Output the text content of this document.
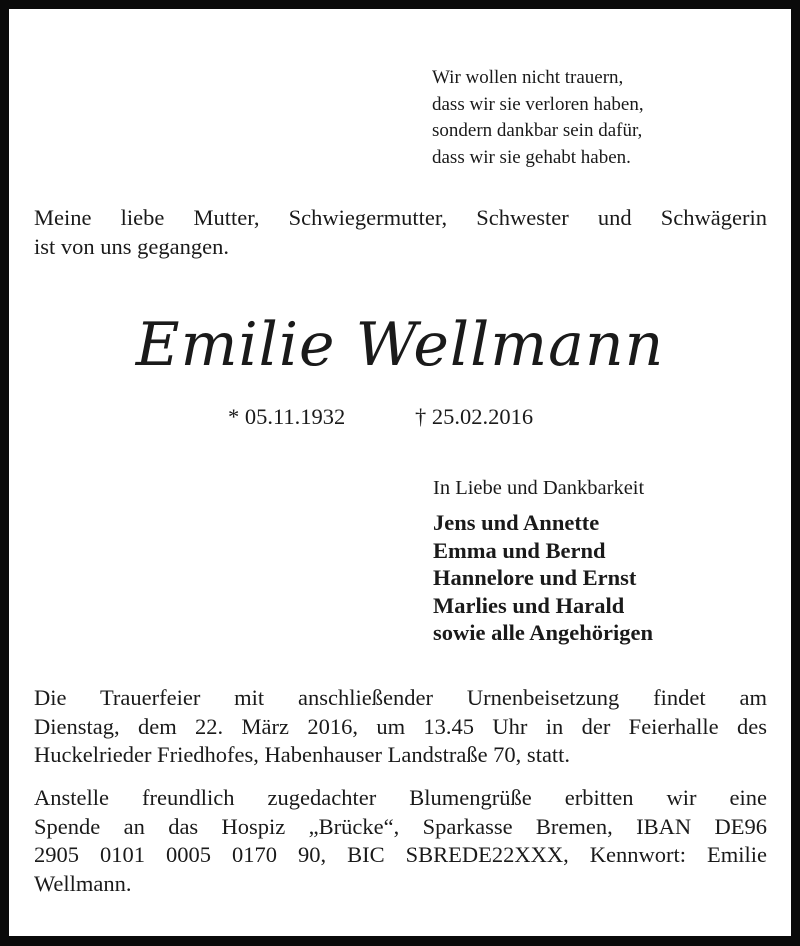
Wir wollen nicht trauern,
dass wir sie verloren haben,
sondern dankbar sein dafür,
dass wir sie gehabt haben.
Meine liebe Mutter, Schwiegermutter, Schwester und Schwägerin
ist von uns gegangen.
Emilie Wellmann
* 05.11.1932	† 25.02.2016
In Liebe und Dankbarkeit
Jens und Annette
Emma und Bernd
Hannelore und Ernst
Marlies und Harald
sowie alle Angehörigen
Die Trauerfeier mit anschließender Urnenbeisetzung findet am
Dienstag, dem 22. März 2016, um 13.45 Uhr in der Feierhalle des
Huckelrieder Friedhofes, Habenhauser Landstraße 70, statt.
Anstelle freundlich zugedachter Blumengrüße erbitten wir eine
Spende an das Hospiz „Brücke“, Sparkasse Bremen, IBAN DE96
2905 0101 0005 0170 90, BIC SBREDE22XXX, Kennwort: Emilie
Wellmann.
